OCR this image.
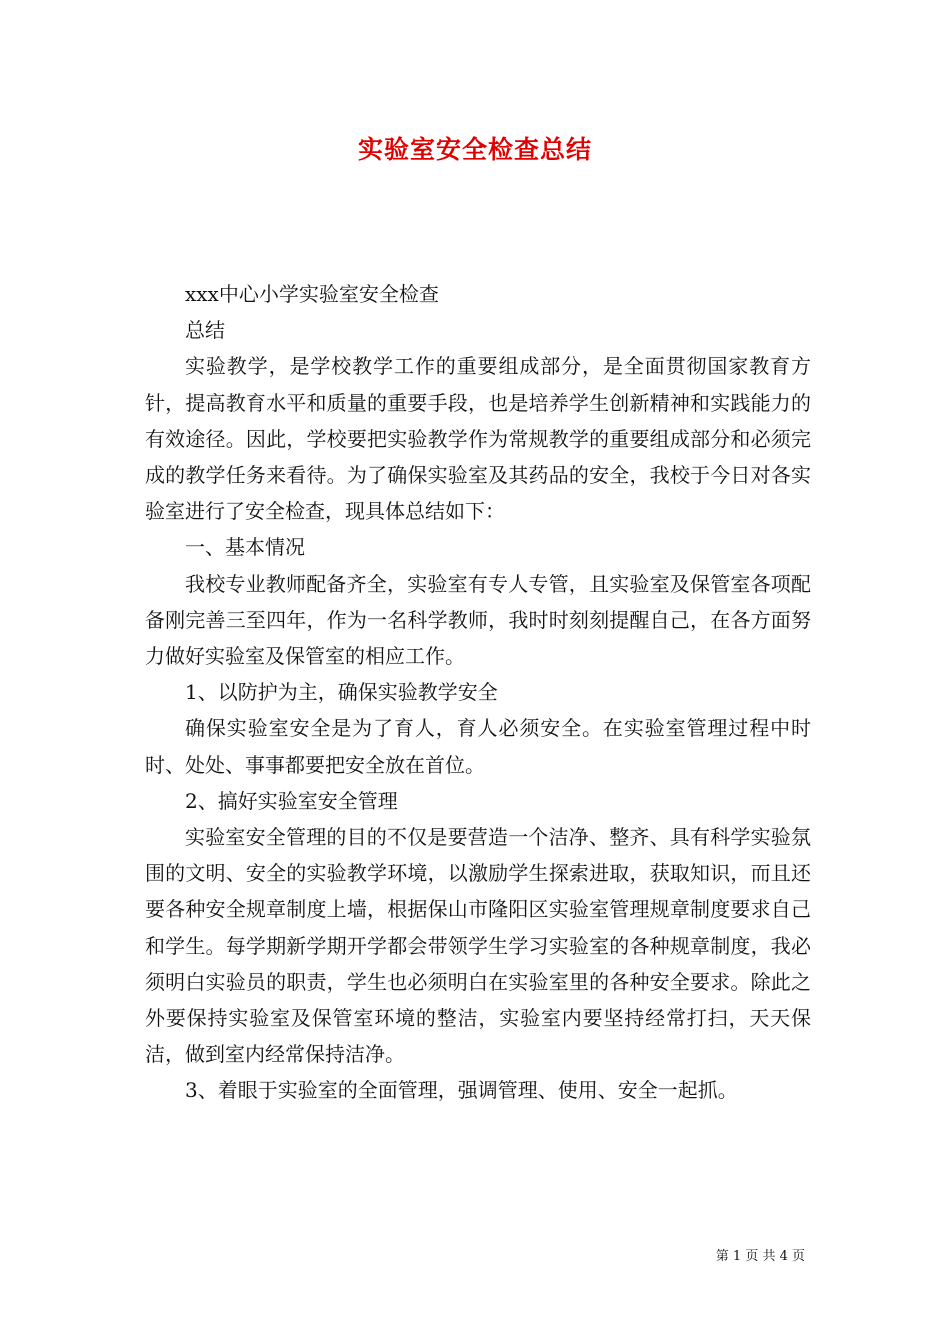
实验室安全检查总结

xxx中心小学实验室安全检查

总结

实验教学，是学校教学工作的重要组成部分，是全面贯彻国家教育方针，提高教育水平和质量的重要手段，也是培养学生创新精神和实践能力的有效途径。因此，学校要把实验教学作为常规教学的重要组成部分和必须完成的教学任务来看待。为了确保实验室及其药品的安全，我校于今日对各实验室进行了安全检查，现具体总结如下：

一、基本情况

我校专业教师配备齐全，实验室有专人专管，且实验室及保管室各项配备刚完善三至四年，作为一名科学教师，我时时刻刻提醒自己，在各方面努力做好实验室及保管室的相应工作。

1、以防护为主，确保实验教学安全

确保实验室安全是为了育人，育人必须安全。在实验室管理过程中时时、处处、事事都要把安全放在首位。

2、搞好实验室安全管理

实验室安全管理的目的不仅是要营造一个洁净、整齐、具有科学实验氛围的文明、安全的实验教学环境，以激励学生探索进取，获取知识，而且还要各种安全规章制度上墙，根据保山市隆阳区实验室管理规章制度要求自己和学生。每学期新学期开学都会带领学生学习实验室的各种规章制度，我必须明白实验员的职责，学生也必须明白在实验室里的各种安全要求。除此之外要保持实验室及保管室环境的整洁，实验室内要坚持经常打扫，天天保洁，做到室内经常保持洁净。

3、着眼于实验室的全面管理，强调管理、使用、安全一起抓。

第 1 页 共 4 页
